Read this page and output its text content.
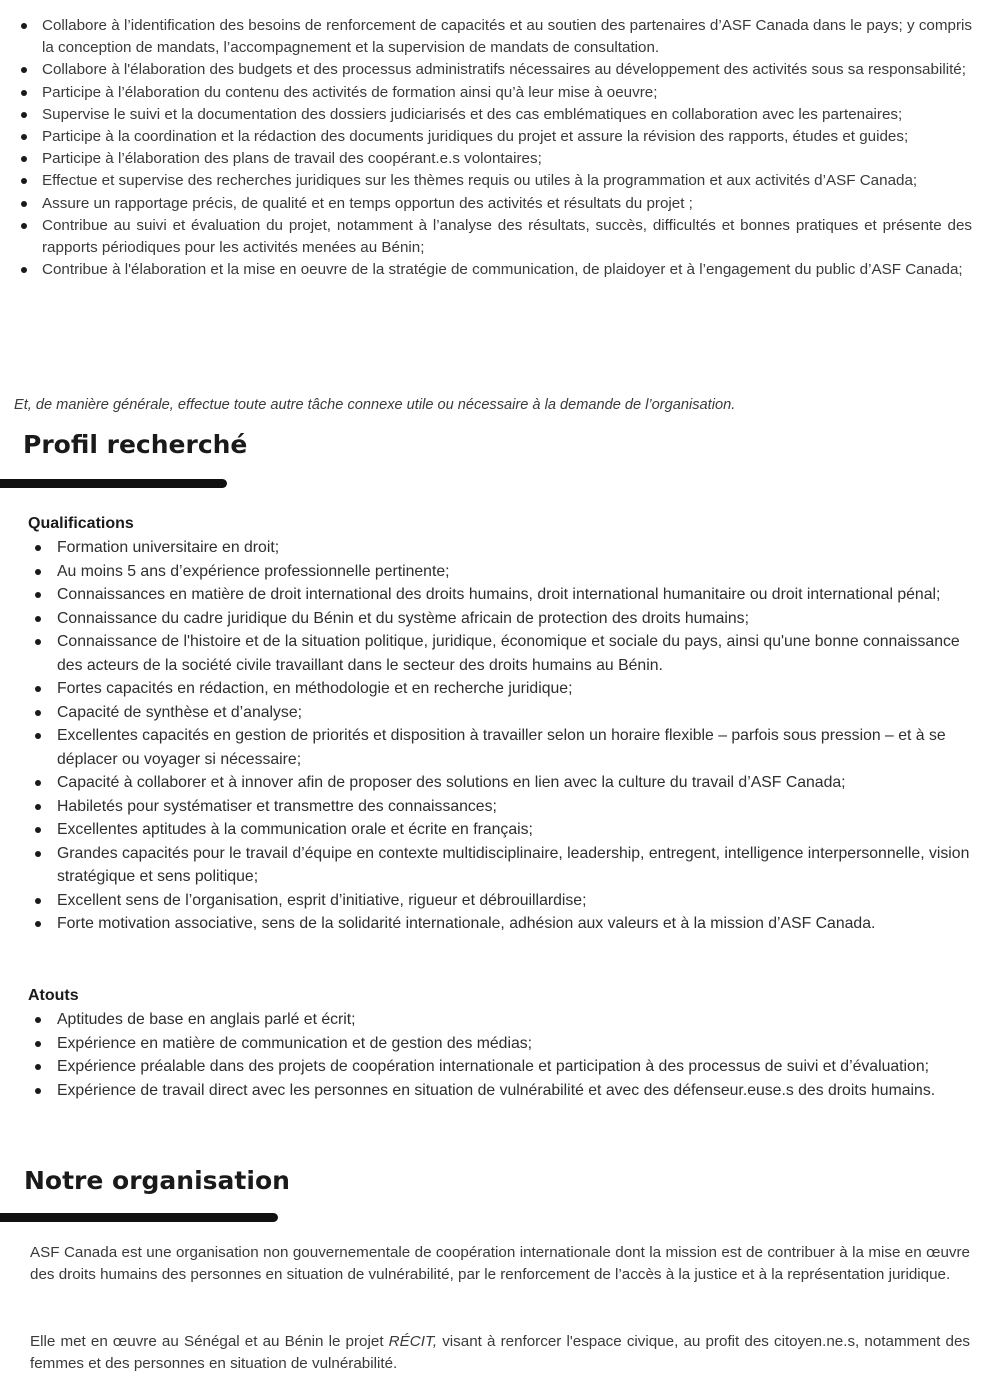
Collabore à l’identification des besoins de renforcement de capacités et au soutien des partenaires d’ASF Canada dans le pays; y compris la conception de mandats, l’accompagnement et la supervision de mandats de consultation.
Collabore à l'élaboration des budgets et des processus administratifs nécessaires au développement des activités sous sa responsabilité;
Participe à l’élaboration du contenu des activités de formation ainsi qu’à leur mise à oeuvre;
Supervise le suivi et la documentation des dossiers judiciarisés et des cas emblématiques en collaboration avec les partenaires;
Participe à la coordination et la rédaction des documents juridiques du projet et assure la révision des rapports, études et guides;
Participe à l’élaboration des plans de travail des coopérant.e.s volontaires;
Effectue et supervise des recherches juridiques sur les thèmes requis ou utiles à la programmation et aux activités d’ASF Canada;
Assure un rapportage précis, de qualité et en temps opportun des activités et résultats du projet ;
Contribue au suivi et évaluation du projet, notamment à l’analyse des résultats, succès, difficultés et bonnes pratiques et présente des rapports périodiques pour les activités menées au Bénin;
Contribue à l'élaboration et la mise en oeuvre de la stratégie de communication, de plaidoyer et à l’engagement du public d’ASF Canada;
Et, de manière générale, effectue toute autre tâche connexe utile ou nécessaire à la demande de l’organisation.
Profil recherché
Qualifications
Formation universitaire en droit;
Au moins 5 ans d’expérience professionnelle pertinente;
Connaissances en matière de droit international des droits humains, droit international humanitaire ou droit international pénal;
Connaissance du cadre juridique du Bénin et du système africain de protection des droits humains;
Connaissance de l'histoire et de la situation politique, juridique, économique et sociale du pays, ainsi qu'une bonne connaissance des acteurs de la société civile travaillant dans le secteur des droits humains au Bénin.
Fortes capacités en rédaction, en méthodologie et en recherche juridique;
Capacité de synthèse et d’analyse;
Excellentes capacités en gestion de priorités et disposition à travailler selon un horaire flexible – parfois sous pression – et à se déplacer ou voyager si nécessaire;
Capacité à collaborer et à innover afin de proposer des solutions en lien avec la culture du travail d’ASF Canada;
Habiletés pour systématiser et transmettre des connaissances;
Excellentes aptitudes à la communication orale et écrite en français;
Grandes capacités pour le travail d’équipe en contexte multidisciplinaire, leadership, entregent, intelligence interpersonnelle, vision stratégique et sens politique;
Excellent sens de l’organisation, esprit d’initiative, rigueur et débrouillardise;
Forte motivation associative, sens de la solidarité internationale, adhésion aux valeurs et à la mission d’ASF Canada.
Atouts
Aptitudes de base en anglais parlé et écrit;
Expérience en matière de communication et de gestion des médias;
Expérience préalable dans des projets de coopération internationale et participation à des processus de suivi et d’évaluation;
Expérience de travail direct avec les personnes en situation de vulnérabilité et avec des défenseur.euse.s des droits humains.
Notre organisation

ASF Canada est une organisation non gouvernementale de coopération internationale dont la mission est de contribuer à la mise en œuvre des droits humains des personnes en situation de vulnérabilité, par le renforcement de l’accès à la justice et à la représentation juridique.

Elle met en œuvre au Sénégal et au Bénin le projet RÉCIT, visant à renforcer l'espace civique, au profit des citoyen.ne.s, notamment des femmes et des personnes en situation de vulnérabilité.
